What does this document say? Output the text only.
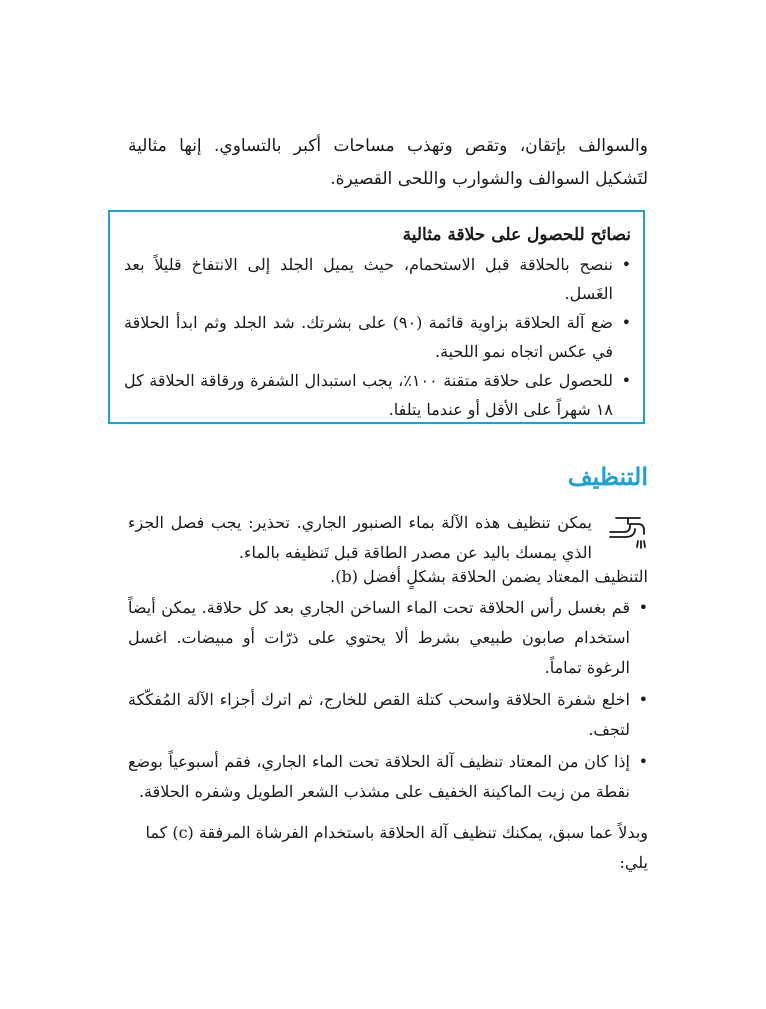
والسوالف بإتقان، وتقص وتهذب مساحات أكبر بالتساوي. إنها مثالية لتَشكيل السوالف والشوارب واللحى القصيرة.

نصائح للحصول على حلاقة مثالية
• ننصح بالحلاقة قبل الاستحمام، حيث يميل الجلد إلى الانتفاخ قليلاً بعد الغَسل.
• ضع آلة الحلاقة بزاوية قائمة (٩٠) على بشرتك. شد الجلد وثم ابدأ الحلاقة في عكس اتجاه نمو اللحية.
• للحصول على حلاقة متقنة ١٠٠٪، يجب استبدال الشفرة ورقاقة الحلاقة كل ١٨ شهراً على الأقل أو عندما يتلفا.
التنظيف

يمكن تنظيف هذه الآلة بماء الصنبور الجاري. تحذير: يجب فصل الجزء الذي يمسك باليد عن مصدر الطاقة قبل تَنظيفه بالماء.

التنظيف المعتاد يضمن الحلاقة بشكلٍ أفضل (b).

• قم بغسل رأس الحلاقة تحت الماء الساخن الجاري بعد كل حلاقة. يمكن أيضاً استخدام صابون طبيعي بشرط ألا يحتوي على ذرّات أو مبيضات. اغسل الرغوة تماماً.
• اخلع شفرة الحلاقة واسحب كتلة القص للخارج، ثم اترك أجزاء الآلة المُفكّكة لتجف.
• إذا كان من المعتاد تنظيف آلة الحلاقة تحت الماء الجاري، فقم أسبوعياً بوضع نقطة من زيت الماكينة الخفيف على مشذب الشعر الطويل وشفره الحلاقة.

وبدلاً عما سبق، يمكنك تنظيف آلة الحلاقة باستخدام الفرشاة المرفقة (c) كما يلي:
